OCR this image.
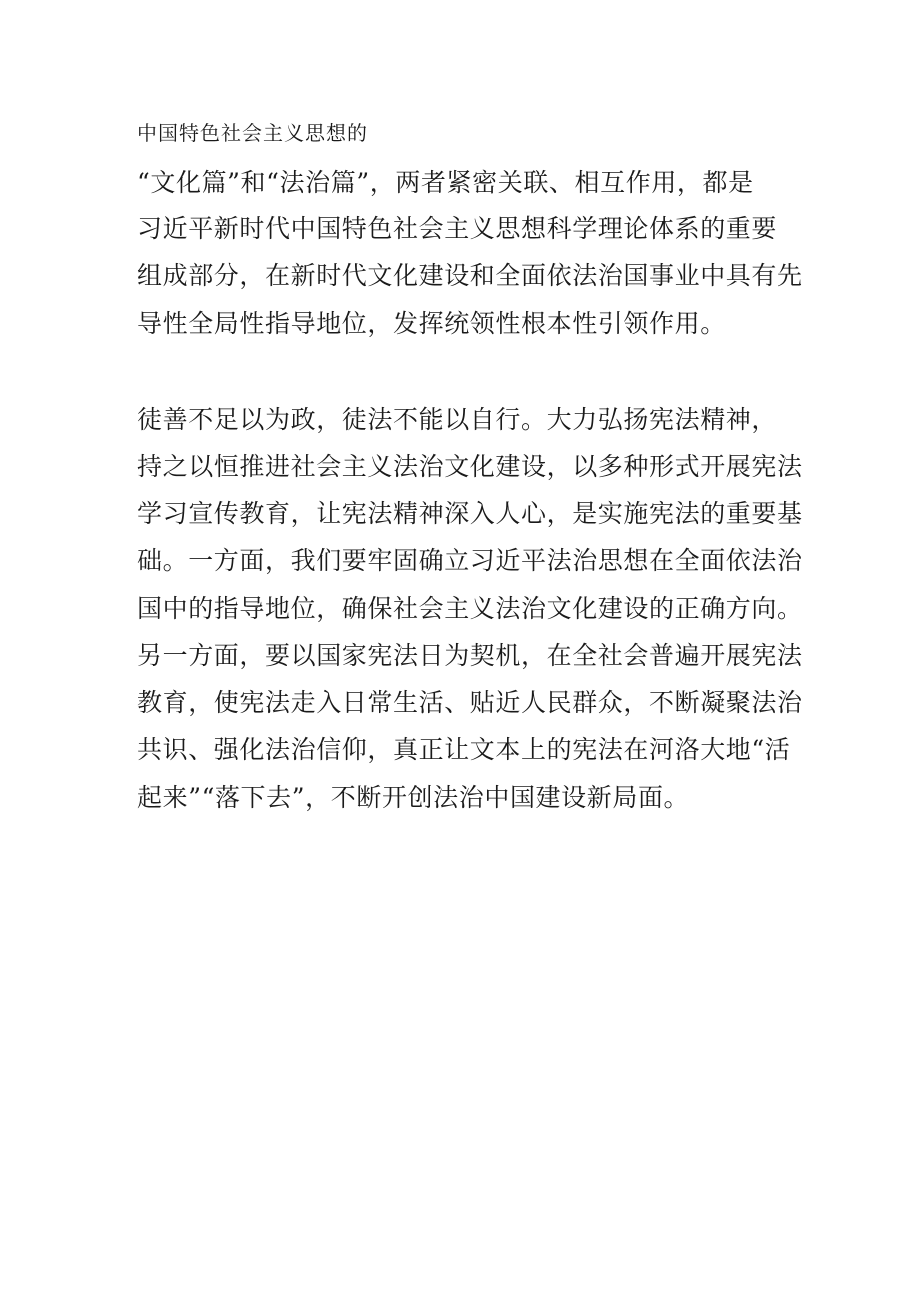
中国特色社会主义思想的
“文化篇”和“法治篇”，两者紧密关联、相互作用，都是
习近平新时代中国特色社会主义思想科学理论体系的重要
组成部分，在新时代文化建设和全面依法治国事业中具有先
导性全局性指导地位，发挥统领性根本性引领作用。
徒善不足以为政，徒法不能以自行。大力弘扬宪法精神，
持之以恒推进社会主义法治文化建设，以多种形式开展宪法
学习宣传教育，让宪法精神深入人心，是实施宪法的重要基
础。一方面，我们要牢固确立习近平法治思想在全面依法治
国中的指导地位，确保社会主义法治文化建设的正确方向。
另一方面，要以国家宪法日为契机，在全社会普遍开展宪法
教育，使宪法走入日常生活、贴近人民群众，不断凝聚法治
共识、强化法治信仰，真正让文本上的宪法在河洛大地“活
起来”“落下去”，不断开创法治中国建设新局面。
